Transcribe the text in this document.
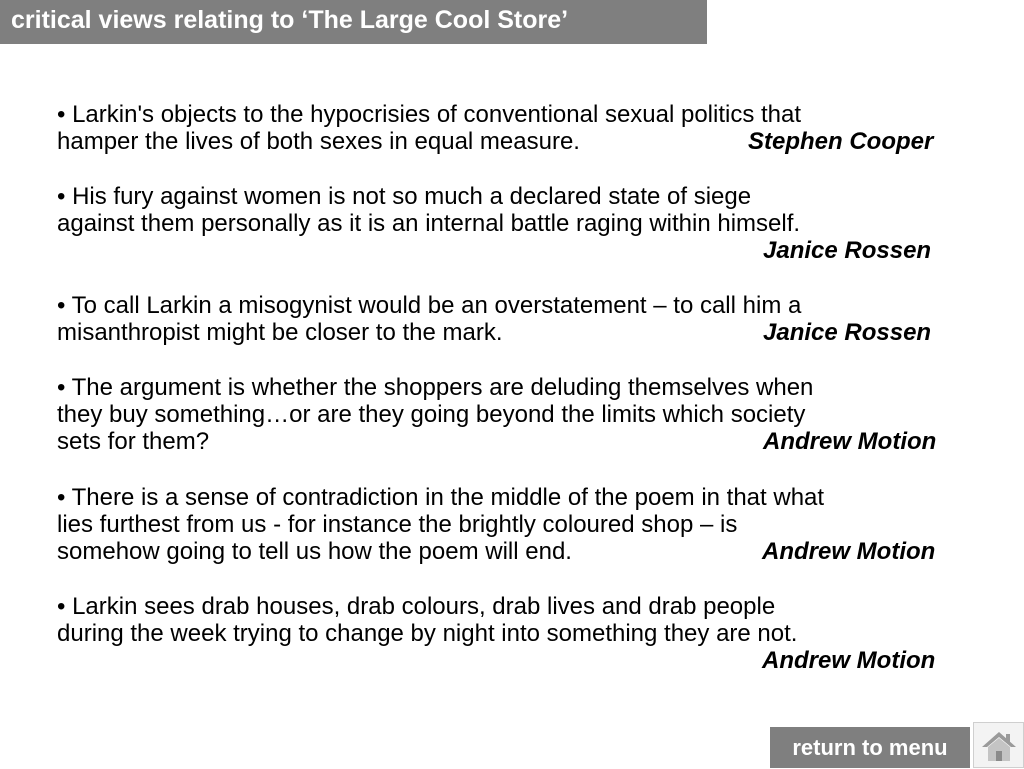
critical views relating to ‘The Large Cool Store’
• Larkin's objects to the hypocrisies of conventional sexual politics that
hamper the lives of both sexes in equal measure.	Stephen Cooper
• His fury against women is not so much a declared state of siege
against them personally as it is an internal battle raging within himself.
Janice Rossen
• To call Larkin a misogynist would be an overstatement – to call him a
misanthropist might be closer to the mark.	Janice Rossen
• The argument is whether the shoppers are deluding themselves when
they buy something…or are they going beyond the limits which society
sets for them?	Andrew Motion
• There is a sense of contradiction in the middle of the poem in that what
lies furthest from us - for instance the brightly coloured shop – is
somehow going to tell us how the poem will end.	Andrew Motion
• Larkin sees drab houses, drab colours, drab lives and drab people
during the week trying to change by night into something they are not.
Andrew Motion
return to menu
